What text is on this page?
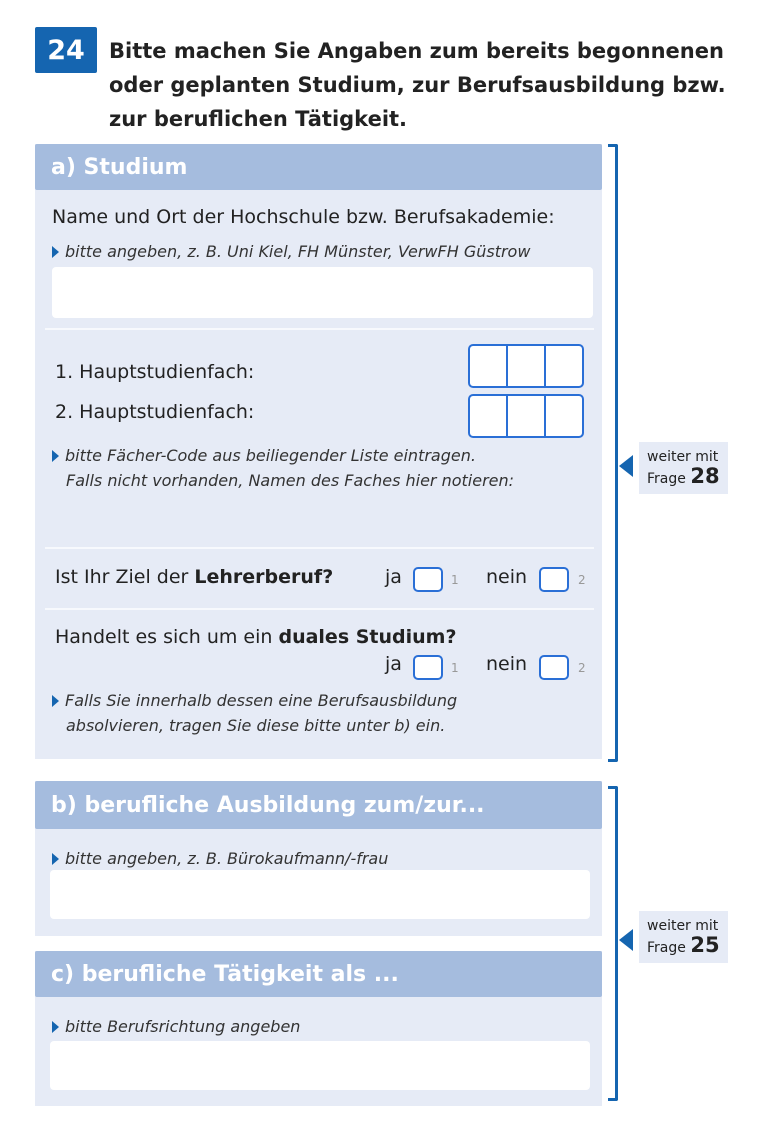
24	Bitte machen Sie Angaben zum bereits begonnenen
oder geplanten Studium, zur Berufsausbildung bzw.
zur beruflichen Tätigkeit.
a) Studium
Name und Ort der Hochschule bzw. Berufsakademie:
bitte angeben, z. B. Uni Kiel, FH Münster, VerwFH Güstrow
1. Hauptstudienfach:
2. Hauptstudienfach:
bitte Fächer-Code aus beiliegender Liste eintragen.
Falls nicht vorhanden, Namen des Faches hier notieren:
Ist Ihr Ziel der Lehrerberuf?	ja	1 nein	2
Handelt es sich um ein duales Studium?
ja	1 nein	2
Falls Sie innerhalb dessen eine Berufsausbildung
absolvieren, tragen Sie diese bitte unter b) ein.
weiter mit
Frage 28
b) berufliche Ausbildung zum/zur...
bitte angeben, z. B. Bürokaufmann/-frau
c) berufliche Tätigkeit als ...
bitte Berufsrichtung angeben
weiter mit
Frage 25
